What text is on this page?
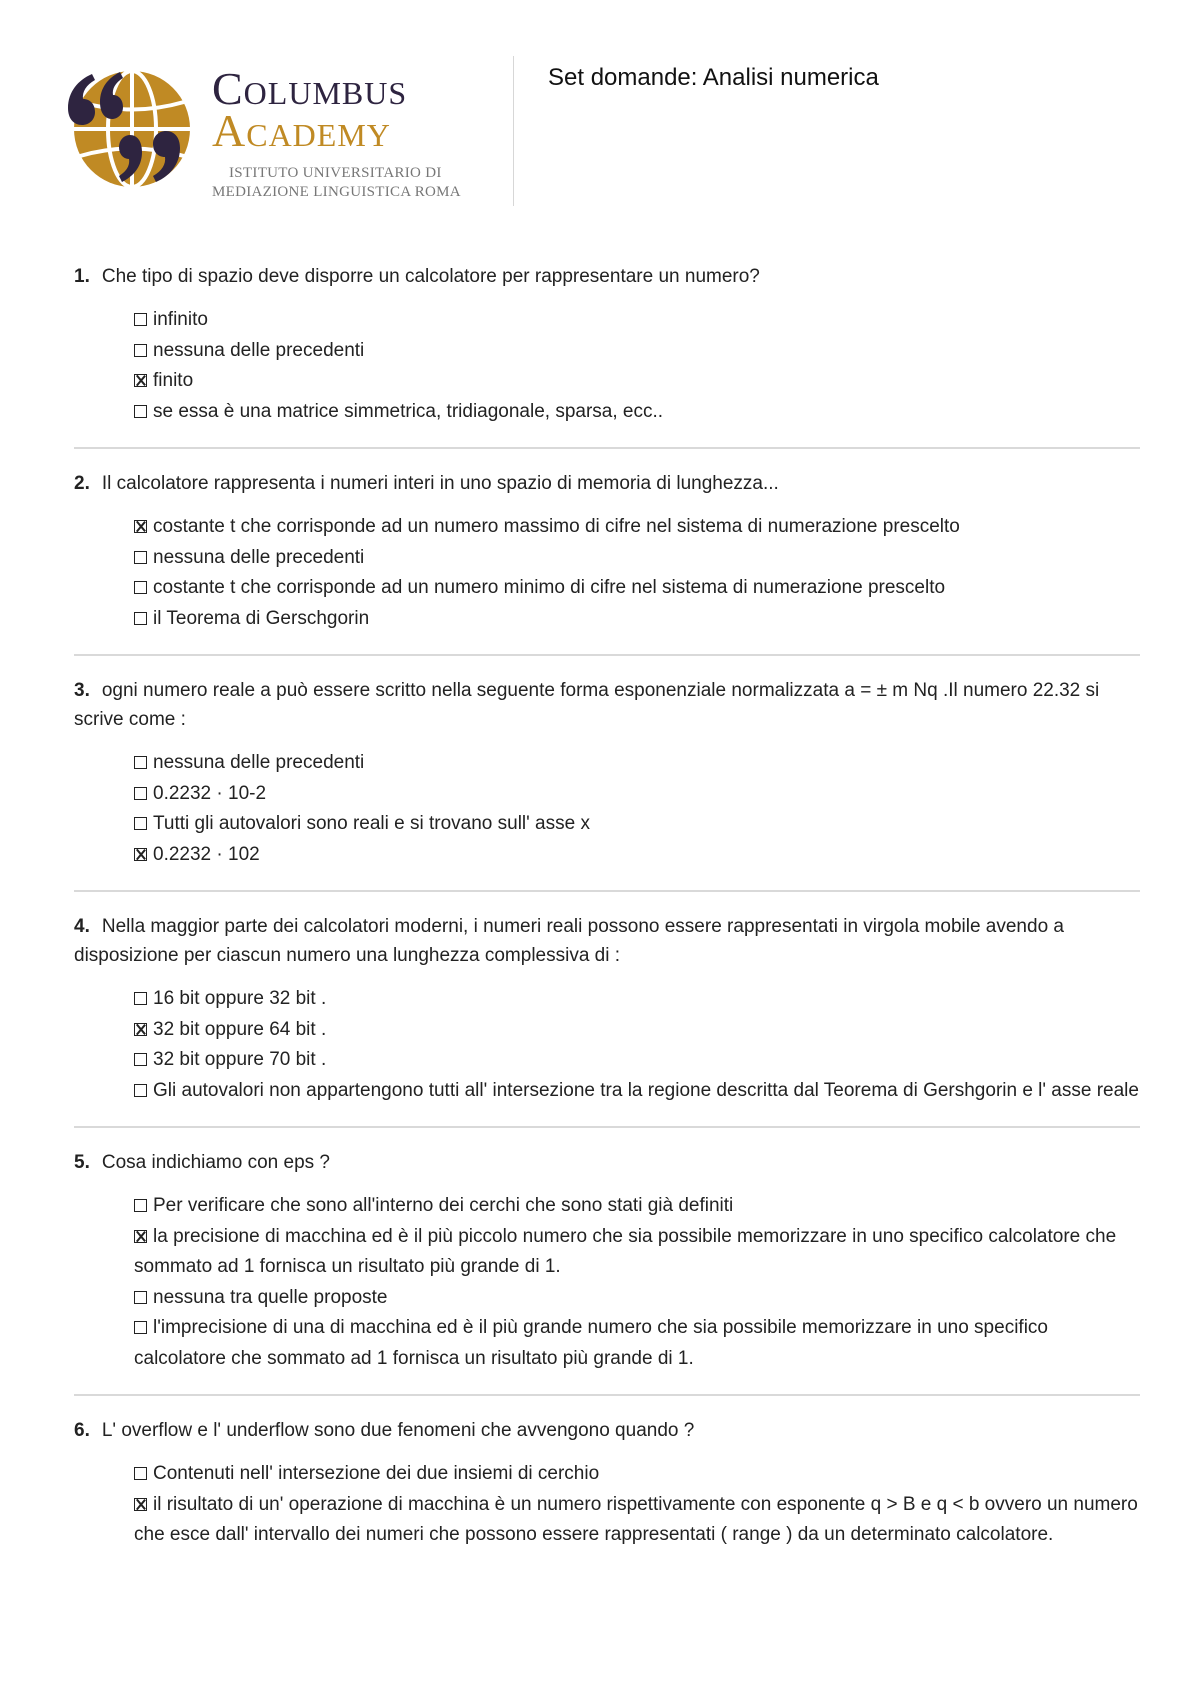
Columbus
Academy
ISTITUTO UNIVERSITARIO DI
MEDIAZIONE LINGUISTICA ROMA
Set domande: Analisi numerica
1. Che tipo di spazio deve disporre un calcolatore per rappresentare un numero?
infinito
nessuna delle precedenti
finito
se essa è una matrice simmetrica, tridiagonale, sparsa, ecc..
2. Il calcolatore rappresenta i numeri interi in uno spazio di memoria di lunghezza...
costante t che corrisponde ad un numero massimo di cifre nel sistema di numerazione prescelto
nessuna delle precedenti
costante t che corrisponde ad un numero minimo di cifre nel sistema di numerazione prescelto
il Teorema di Gerschgorin
3. ogni numero reale a può essere scritto nella seguente forma esponenziale normalizzata a = ± m Nq .Il numero 22.32 si scrive come :
nessuna delle precedenti
0.2232 · 10-2
Tutti gli autovalori sono reali e si trovano sull' asse x
0.2232 · 102
4. Nella maggior parte dei calcolatori moderni, i numeri reali possono essere rappresentati in virgola mobile avendo a disposizione per ciascun numero una lunghezza complessiva di :
16 bit oppure 32 bit .
32 bit oppure 64 bit .
32 bit oppure 70 bit .
Gli autovalori non appartengono tutti all' intersezione tra la regione descritta dal Teorema di Gershgorin e l' asse reale
5. Cosa indichiamo con eps ?
Per verificare che sono all'interno dei cerchi che sono stati già definiti
la precisione di macchina ed è il più piccolo numero che sia possibile memorizzare in uno specifico calcolatore che sommato ad 1 fornisca un risultato più grande di 1.
nessuna tra quelle proposte
l'imprecisione di una di macchina ed è il più grande numero che sia possibile memorizzare in uno specifico calcolatore che sommato ad 1 fornisca un risultato più grande di 1.
6. L' overflow e l' underflow sono due fenomeni che avvengono quando ?
Contenuti nell' intersezione dei due insiemi di cerchio
il risultato di un' operazione di macchina è un numero rispettivamente con esponente q > B e q < b ovvero un numero che esce dall' intervallo dei numeri che possono essere rappresentati ( range ) da un determinato calcolatore.
